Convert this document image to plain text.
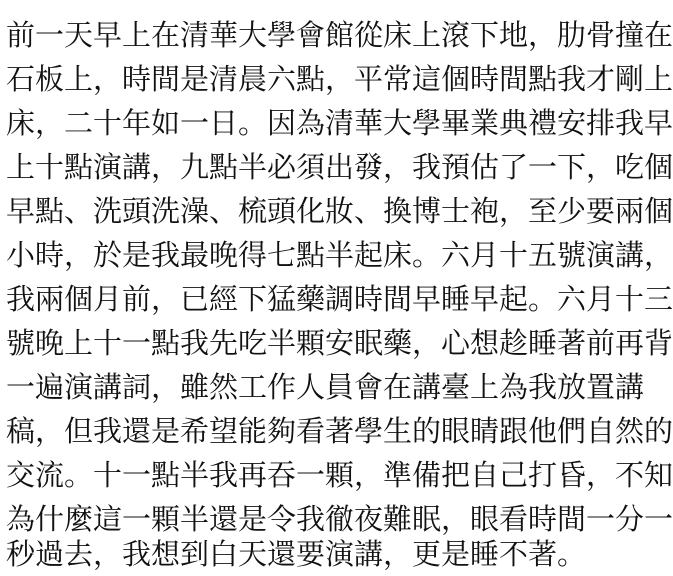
前一天早上在清華大學會館從床上滾下地，肋骨撞在
石板上，時間是清晨六點，平常這個時間點我才剛上
床，二十年如一日。因為清華大學畢業典禮安排我早
上十點演講，九點半必須出發，我預估了一下，吃個
早點、洗頭洗澡、梳頭化妝、換博士袍，至少要兩個
小時，於是我最晚得七點半起床。六月十五號演講，
我兩個月前，已經下猛藥調時間早睡早起。六月十三
號晚上十一點我先吃半顆安眠藥，心想趁睡著前再背
一遍演講詞，雖然工作人員會在講臺上為我放置講
稿，但我還是希望能夠看著學生的眼睛跟他們自然的
交流。十一點半我再吞一顆，準備把自己打昏，不知
為什麼這一顆半還是令我徹夜難眠，眼看時間一分一
秒過去，我想到白天還要演講，更是睡不著。
